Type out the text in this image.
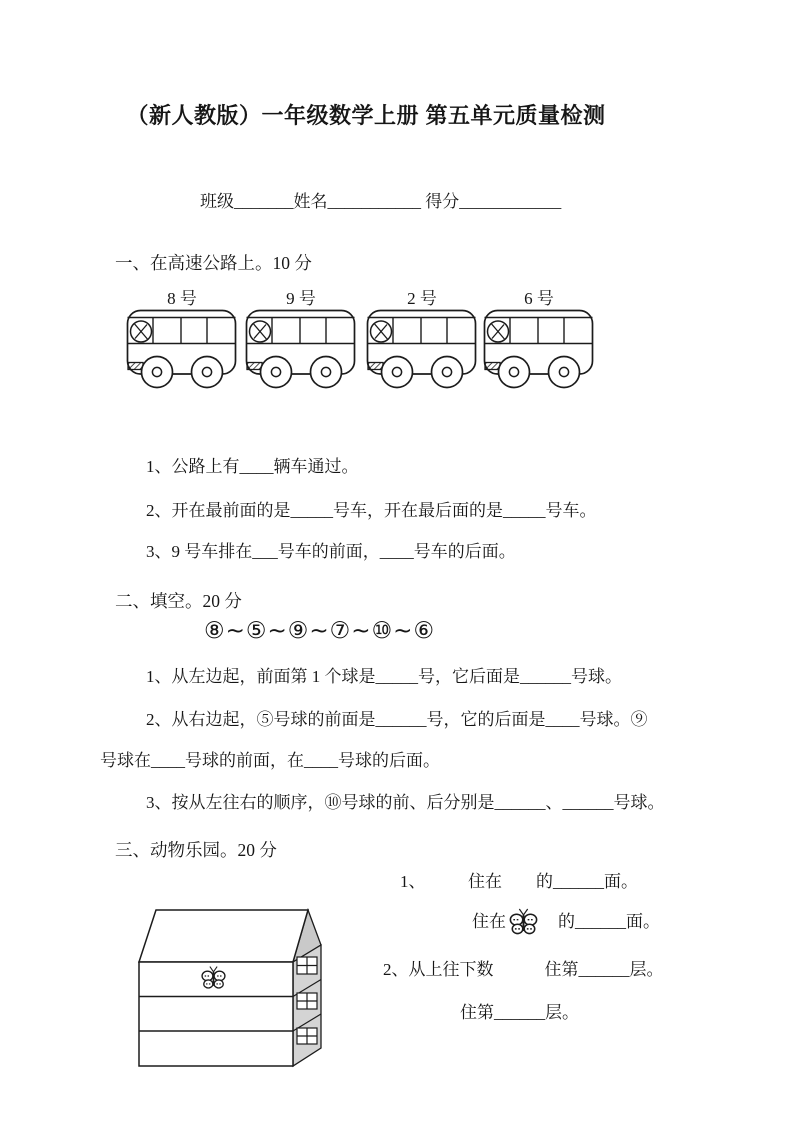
（新人教版）一年级数学上册 第五单元质量检测
班级_______姓名___________ 得分____________
一、在高速公路上。10 分
8 号	9 号	2 号	6 号
1、公路上有____辆车通过。
2、开在最前面的是_____号车，开在最后面的是_____号车。
3、9 号车排在___号车的前面，____号车的后面。
二、填空。20 分
⑧~⑤~⑨~⑦~⑩~⑥
1、从左边起，前面第 1 个球是_____号，它后面是______号球。
2、从右边起，⑤号球的前面是______号，它的后面是____号球。⑨
号球在____号球的前面，在____号球的后面。
3、按从左往右的顺序，⑩号球的前、后分别是______、______号球。
三、动物乐园。20 分
1、　　　住在　　的______面。
住在 　的______面。
2、从上往下数　　　住第______层。
住第______层。
